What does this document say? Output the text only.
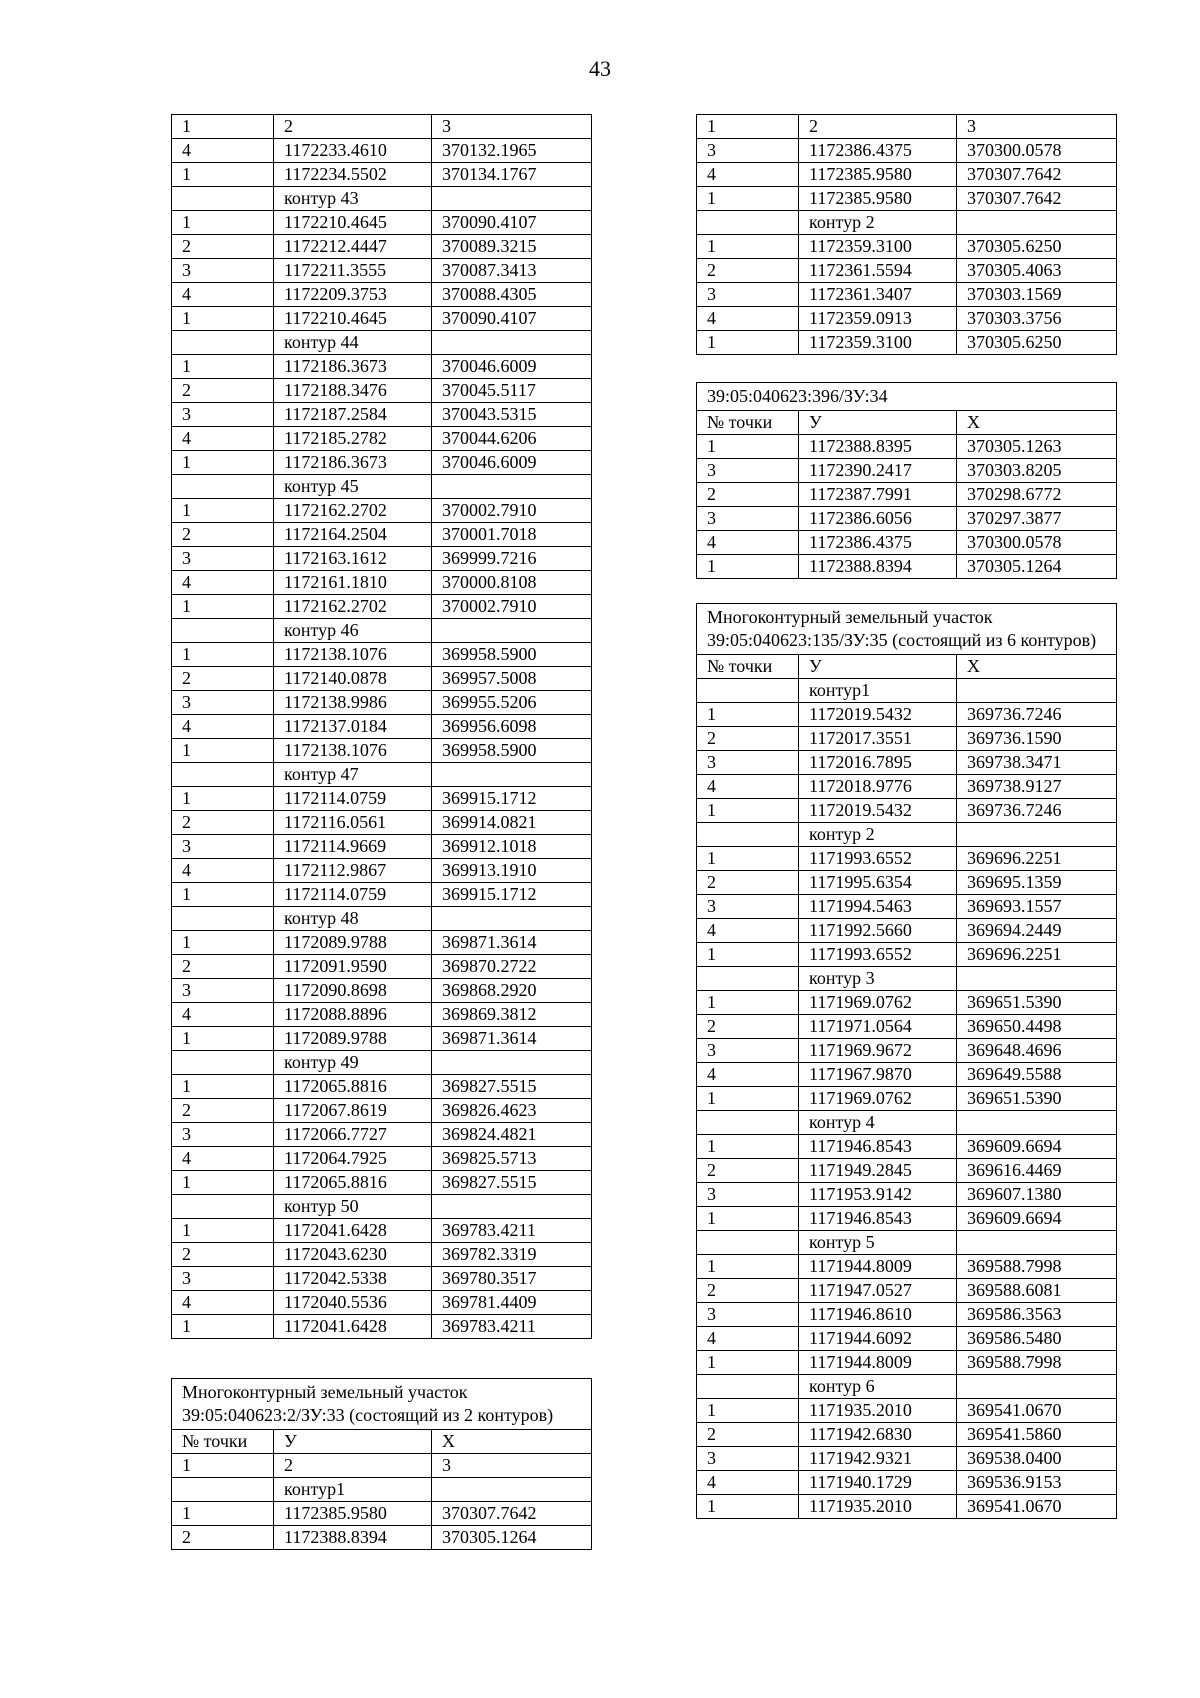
43
1	2	3
4	1172233.4610	370132.1965
1	1172234.5502	370134.1767
	контур 43	
1	1172210.4645	370090.4107
2	1172212.4447	370089.3215
3	1172211.3555	370087.3413
4	1172209.3753	370088.4305
1	1172210.4645	370090.4107
	контур 44	
1	1172186.3673	370046.6009
2	1172188.3476	370045.5117
3	1172187.2584	370043.5315
4	1172185.2782	370044.6206
1	1172186.3673	370046.6009
	контур 45	
1	1172162.2702	370002.7910
2	1172164.2504	370001.7018
3	1172163.1612	369999.7216
4	1172161.1810	370000.8108
1	1172162.2702	370002.7910
	контур 46	
1	1172138.1076	369958.5900
2	1172140.0878	369957.5008
3	1172138.9986	369955.5206
4	1172137.0184	369956.6098
1	1172138.1076	369958.5900
	контур 47	
1	1172114.0759	369915.1712
2	1172116.0561	369914.0821
3	1172114.9669	369912.1018
4	1172112.9867	369913.1910
1	1172114.0759	369915.1712
	контур 48	
1	1172089.9788	369871.3614
2	1172091.9590	369870.2722
3	1172090.8698	369868.2920
4	1172088.8896	369869.3812
1	1172089.9788	369871.3614
	контур 49	
1	1172065.8816	369827.5515
2	1172067.8619	369826.4623
3	1172066.7727	369824.4821
4	1172064.7925	369825.5713
1	1172065.8816	369827.5515
	контур 50	
1	1172041.6428	369783.4211
2	1172043.6230	369782.3319
3	1172042.5338	369780.3517
4	1172040.5536	369781.4409
1	1172041.6428	369783.4211
Многоконтурный земельный участок 39:05:040623:2/ЗУ:33 (состоящий из 2 контуров)		
№ точки	У	Х
1	2	3
	контур1	
1	1172385.9580	370307.7642
2	1172388.8394	370305.1264
1	2	3
3	1172386.4375	370300.0578
4	1172385.9580	370307.7642
1	1172385.9580	370307.7642
	контур 2	
1	1172359.3100	370305.6250
2	1172361.5594	370305.4063
3	1172361.3407	370303.1569
4	1172359.0913	370303.3756
1	1172359.3100	370305.6250
39:05:040623:396/ЗУ:34		
№ точки	У	Х
1	1172388.8395	370305.1263
3	1172390.2417	370303.8205
2	1172387.7991	370298.6772
3	1172386.6056	370297.3877
4	1172386.4375	370300.0578
1	1172388.8394	370305.1264
Многоконтурный земельный участок 39:05:040623:135/ЗУ:35 (состоящий из 6 контуров)		
№ точки	У	Х
	контур1	
1	1172019.5432	369736.7246
2	1172017.3551	369736.1590
3	1172016.7895	369738.3471
4	1172018.9776	369738.9127
1	1172019.5432	369736.7246
	контур 2	
1	1171993.6552	369696.2251
2	1171995.6354	369695.1359
3	1171994.5463	369693.1557
4	1171992.5660	369694.2449
1	1171993.6552	369696.2251
	контур 3	
1	1171969.0762	369651.5390
2	1171971.0564	369650.4498
3	1171969.9672	369648.4696
4	1171967.9870	369649.5588
1	1171969.0762	369651.5390
	контур 4	
1	1171946.8543	369609.6694
2	1171949.2845	369616.4469
3	1171953.9142	369607.1380
1	1171946.8543	369609.6694
	контур 5	
1	1171944.8009	369588.7998
2	1171947.0527	369588.6081
3	1171946.8610	369586.3563
4	1171944.6092	369586.5480
1	1171944.8009	369588.7998
	контур 6	
1	1171935.2010	369541.0670
2	1171942.6830	369541.5860
3	1171942.9321	369538.0400
4	1171940.1729	369536.9153
1	1171935.2010	369541.0670
